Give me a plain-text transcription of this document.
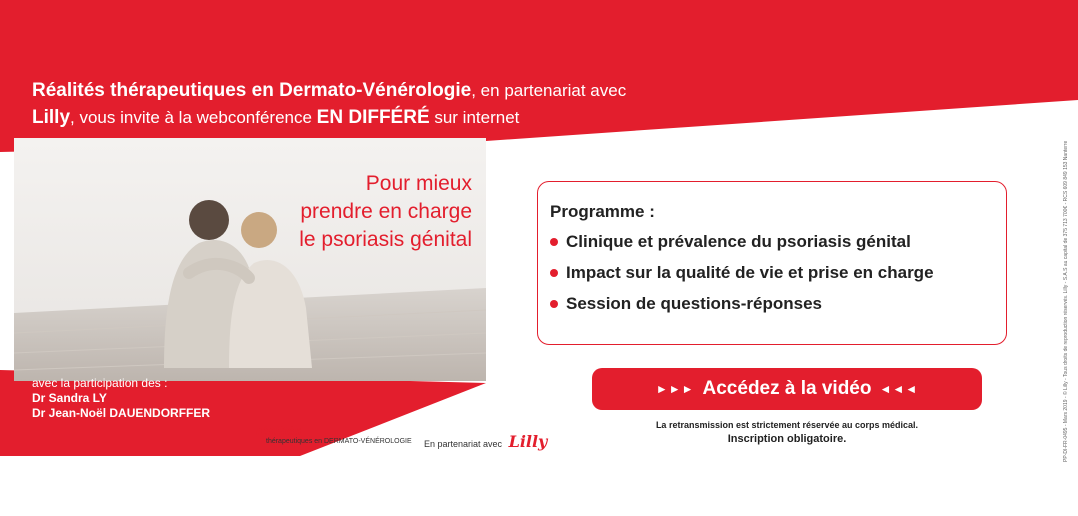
Réalités thérapeutiques en Dermato-Vénérologie, en partenariat avec
Lilly, vous invite à la webconférence EN DIFFÉRÉ sur internet
Pour mieux
prendre en charge
le psoriasis génital
avec la participation des :
Dr Sandra LY
Dr Jean-Noël DAUENDORFFER
réalités
thérapeutiques en DERMATO-VÉNÉROLOGIE En partenariat avec Lilly
Programme :
Clinique et prévalence du psoriasis génital
Impact sur la qualité de vie et prise en charge
Session de questions-réponses
►►► Accédez à la vidéo ◄◄◄
La retransmission est strictement réservée au corps médical.
Inscription obligatoire.	PP-DI-FR-0495 - Mars 2019 - © Lilly - Tous droits de reproduction réservés. Lilly - S.A.S au capital de 375 713 700€ - RCS 609 849 153 Nanterre
